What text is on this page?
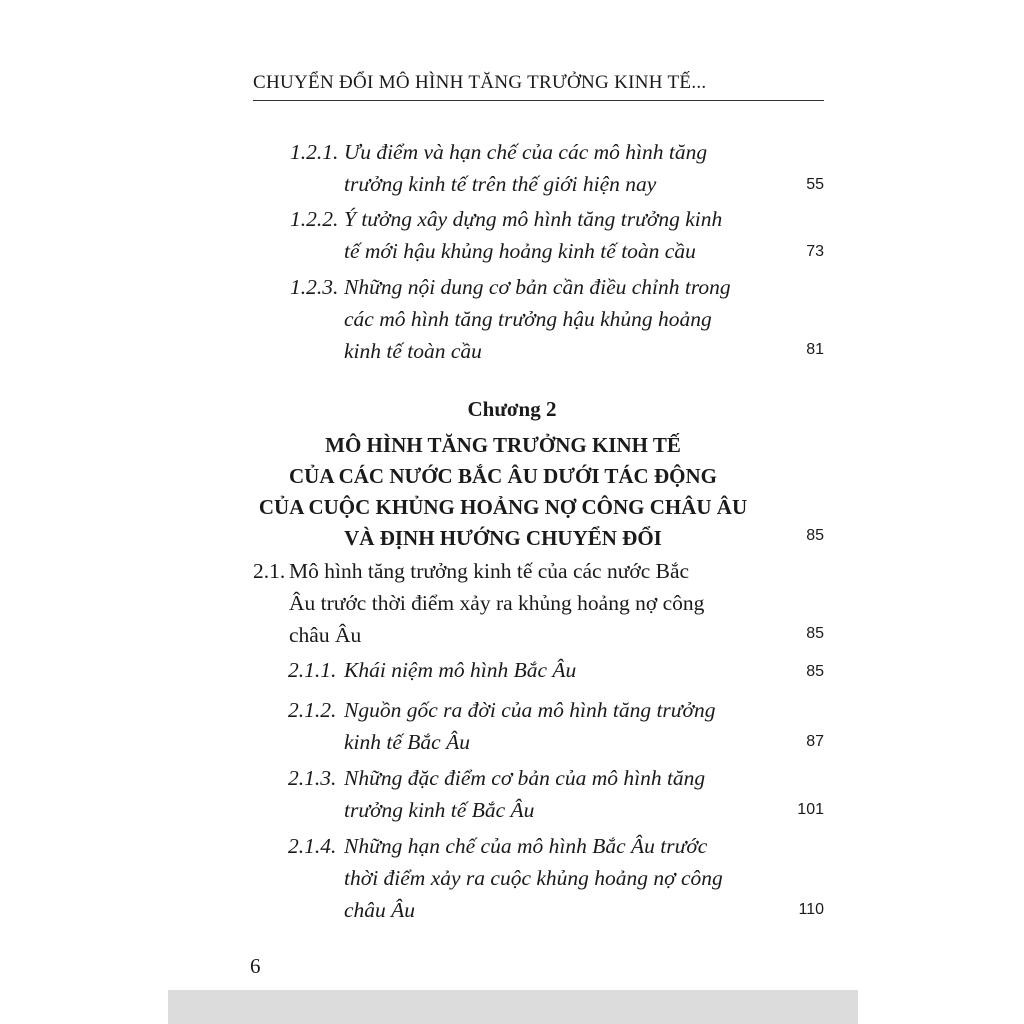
CHUYỂN ĐỔI MÔ HÌNH TĂNG TRƯỞNG KINH TẾ...
1.2.1. Ưu điểm và hạn chế của các mô hình tăng
trưởng kinh tế trên thế giới hiện nay	55
1.2.2. Ý tưởng xây dựng mô hình tăng trưởng kinh
tế mới hậu khủng hoảng kinh tế toàn cầu	73
1.2.3. Những nội dung cơ bản cần điều chỉnh trong
các mô hình tăng trưởng hậu khủng hoảng
kinh tế toàn cầu	81
Chương 2
MÔ HÌNH TĂNG TRƯỞNG KINH TẾ
CỦA CÁC NƯỚC BẮC ÂU DƯỚI TÁC ĐỘNG
CỦA CUỘC KHỦNG HOẢNG NỢ CÔNG CHÂU ÂU
VÀ ĐỊNH HƯỚNG CHUYỂN ĐỔI	85
2.1. Mô hình tăng trưởng kinh tế của các nước Bắc
Âu trước thời điểm xảy ra khủng hoảng nợ công
châu Âu	85
2.1.1. Khái niệm mô hình Bắc Âu	85
2.1.2. Nguồn gốc ra đời của mô hình tăng trưởng
kinh tế Bắc Âu	87
2.1.3. Những đặc điểm cơ bản của mô hình tăng
trưởng kinh tế Bắc Âu	101
2.1.4. Những hạn chế của mô hình Bắc Âu trước
thời điểm xảy ra cuộc khủng hoảng nợ công
châu Âu	110
6
